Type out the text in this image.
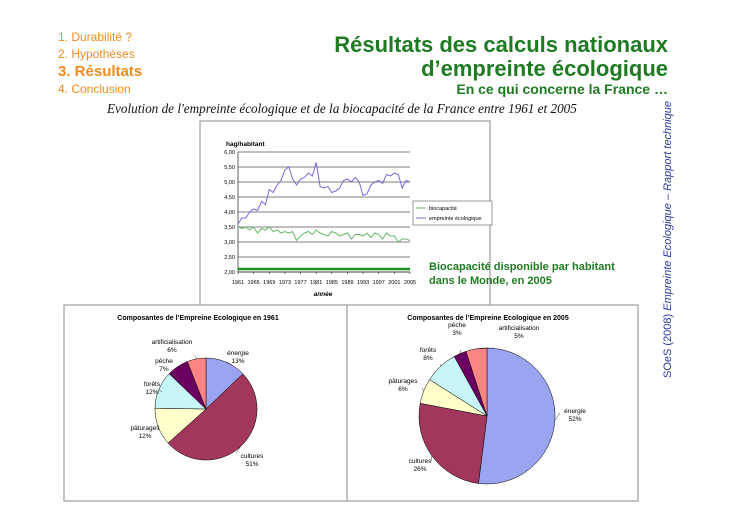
1. Durabilité ?
2. Hypothèses
3. Résultats
4. Conclusion
Résultats des calculs nationaux
d’empreinte écologique
En ce qui concerne la France …
Evolution de l'empreinte écologique et de la biocapacité de la France entre 1961 et 2005
SOeS (2008) Empreinte Ecologique – Rapport technique
2,00
2,50
3,00
3,50
4,00
4,50
5,00
5,50
6,00
1961 1965 1969 1973 1977 1981 1985 1989 1993 1997 2001 2005
hag/habitant
année
biocapacité
empreinte écologique
Biocapacité disponible par habitant
dans le Monde, en 2005
Composantes de l’Empreine Ecologique en 1961
énergie
13%
cultures
51%
pâturages
12%
forêts
12%
pêche
7%
artificialisation
6%
Composantes de l’Empreine Ecologique en 2005
énergie
52%
cultures
26%
pâturages
6%
forêts
8%
pêche
3%
artificialisation
5%
